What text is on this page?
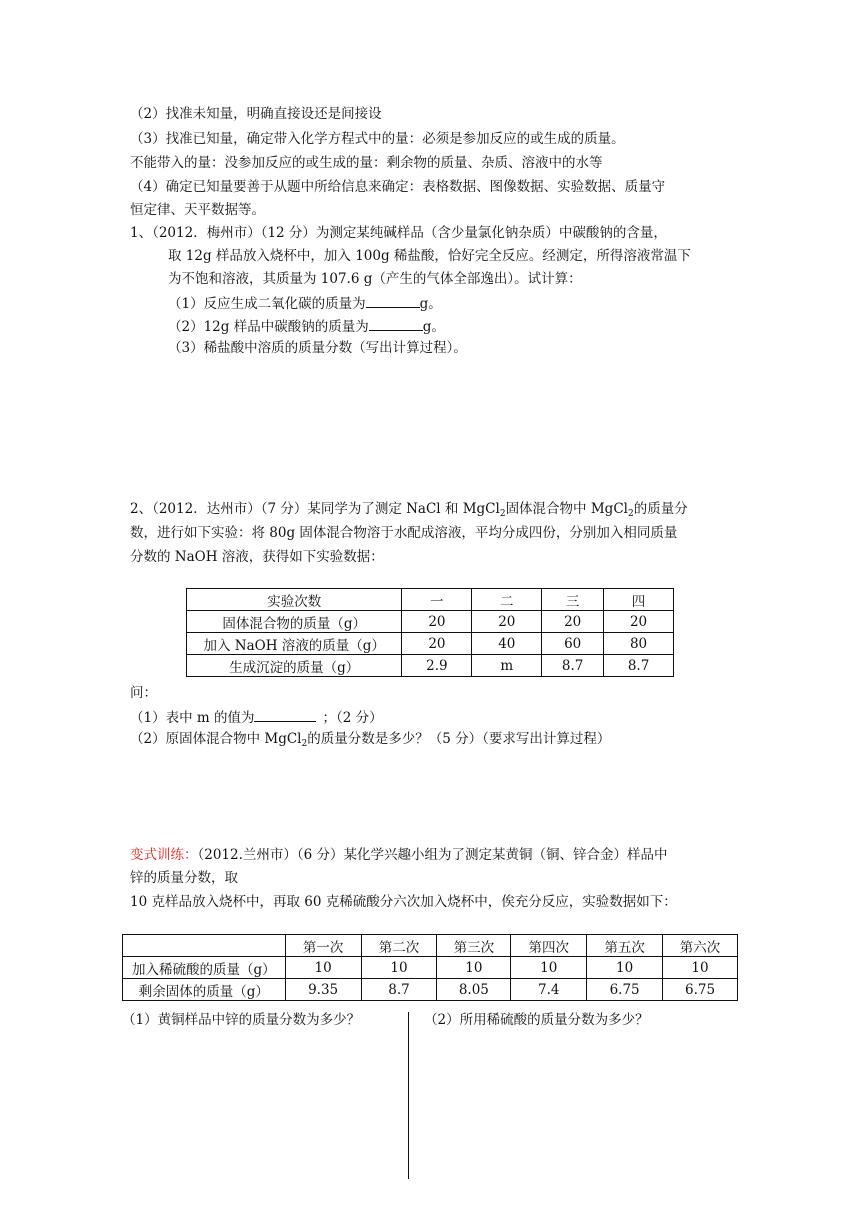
（2）找准未知量，明确直接设还是间接设
（3）找准已知量，确定带入化学方程式中的量：必须是参加反应的或生成的质量。
不能带入的量：没参加反应的或生成的量：剩余物的质量、杂质、溶液中的水等
（4）确定已知量要善于从题中所给信息来确定：表格数据、图像数据、实验数据、质量守
恒定律、天平数据等。
1、（2012．梅州市）（12 分）为测定某纯碱样品（含少量氯化钠杂质）中碳酸钠的含量，
取 12g 样品放入烧杯中，加入 100g 稀盐酸，恰好完全反应。经测定，所得溶液常温下
为不饱和溶液，其质量为 107.6 g（产生的气体全部逸出）。试计算：
（1）反应生成二氧化碳的质量为	g。
（2）12g 样品中碳酸钠的质量为	g。
（3）稀盐酸中溶质的质量分数（写出计算过程）。
2、（2012．达州市）（7 分）某同学为了测定 NaCl 和 MgCl$_2$固体混合物中 MgCl$_2$的质量分
数，进行如下实验：将 80g 固体混合物溶于水配成溶液，平均分成四份，分别加入相同质量
分数的 NaOH 溶液，获得如下实验数据：
实验次数	一	二	三	四
固体混合物的质量（g）	20	20	20	20
加入 NaOH 溶液的质量（g）	20	40	60	80
生成沉淀的质量（g）	2.9	m	8.7	8.7
问：
（1）表中 m 的值为	；（2 分）
（2）原固体混合物中 MgCl$_2$的质量分数是多少？（5 分）（要求写出计算过程）
变式训练：（2012.兰州市）（6 分）某化学兴趣小组为了测定某黄铜（铜、锌合金）样品中
锌的质量分数，取
10 克样品放入烧杯中，再取 60 克稀硫酸分六次加入烧杯中，俟充分反应，实验数据如下：
	第一次	第二次	第三次	第四次	第五次	第六次
加入稀硫酸的质量（g）	10	10	10	10	10	10
剩余固体的质量（g）	9.35	8.7	8.05	7.4	6.75	6.75
（1）黄铜样品中锌的质量分数为多少？	（2）所用稀硫酸的质量分数为多少？
